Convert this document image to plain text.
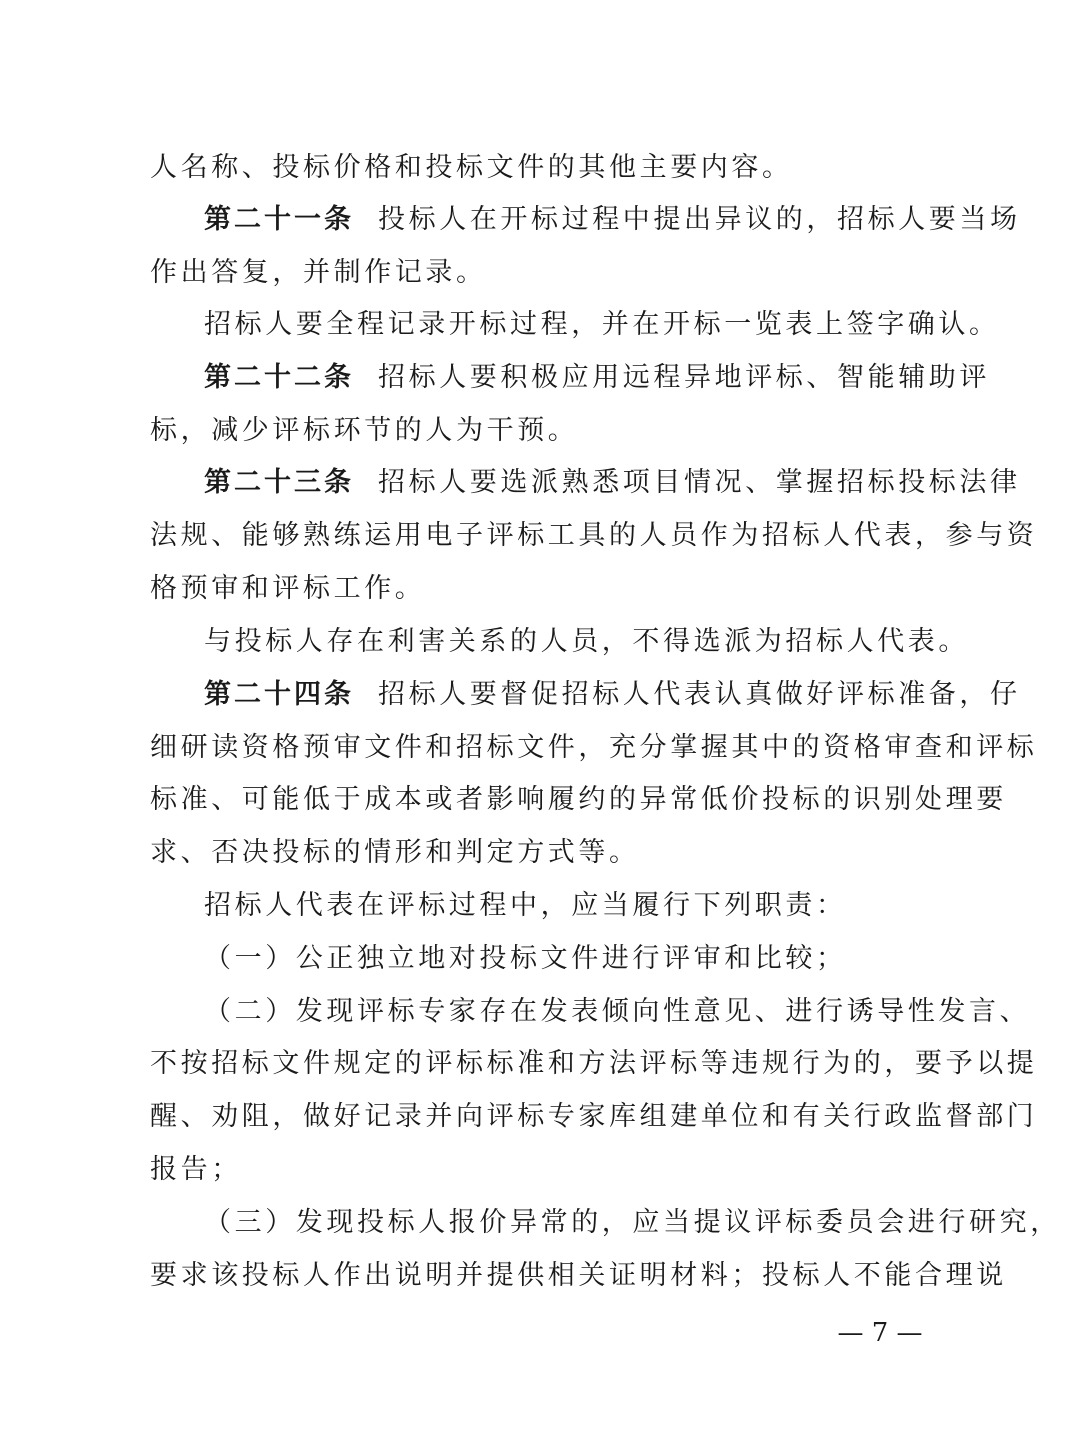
人名称、投标价格和投标文件的其他主要内容。
第二十一条 投标人在开标过程中提出异议的，招标人要当场
作出答复，并制作记录。
招标人要全程记录开标过程，并在开标一览表上签字确认。
第二十二条 招标人要积极应用远程异地评标、智能辅助评
标，减少评标环节的人为干预。
第二十三条 招标人要选派熟悉项目情况、掌握招标投标法律
法规、能够熟练运用电子评标工具的人员作为招标人代表，参与资
格预审和评标工作。
与投标人存在利害关系的人员，不得选派为招标人代表。
第二十四条 招标人要督促招标人代表认真做好评标准备，仔
细研读资格预审文件和招标文件，充分掌握其中的资格审查和评标
标准、可能低于成本或者影响履约的异常低价投标的识别处理要
求、否决投标的情形和判定方式等。
招标人代表在评标过程中，应当履行下列职责：
（一）公正独立地对投标文件进行评审和比较；
（二）发现评标专家存在发表倾向性意见、进行诱导性发言、
不按招标文件规定的评标标准和方法评标等违规行为的，要予以提
醒、劝阻，做好记录并向评标专家库组建单位和有关行政监督部门
报告；
（三）发现投标人报价异常的，应当提议评标委员会进行研究，
要求该投标人作出说明并提供相关证明材料；投标人不能合理说
— 7 —
